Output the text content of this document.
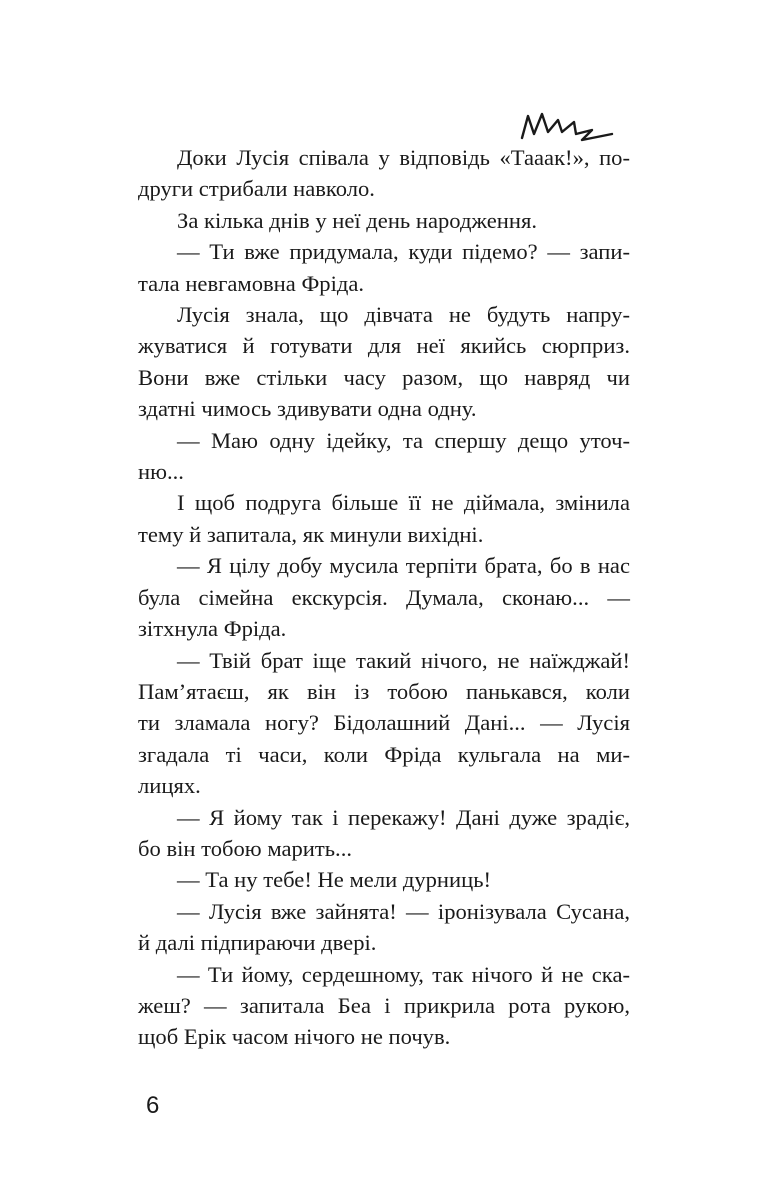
Доки Лусія співала у відповідь «Тааак!», по-
други стрибали навколо.

За кілька днів у неї день народження.

— Ти вже придумала, куди підемо? — запи-
тала невгамовна Фріда.

Лусія знала, що дівчата не будуть напру-
жуватися й готувати для неї якийсь сюрприз.
Вони вже стільки часу разом, що навряд чи
здатні чимось здивувати одна одну.

— Маю одну ідейку, та спершу дещо уточ-
ню...

І щоб подруга більше її не діймала, змінила
тему й запитала, як минули вихідні.

— Я цілу добу мусила терпіти брата, бо в нас
була сімейна екскурсія. Думала, сконаю... —
зітхнула Фріда.

— Твій брат іще такий нічого, не наїжджай!
Пам’ятаєш, як він із тобою панькався, коли
ти зламала ногу? Бідолашний Дані... — Лусія
згадала ті часи, коли Фріда кульгала на ми-
лицях.

— Я йому так і перекажу! Дані дуже зрадіє,
бо він тобою марить...

— Та ну тебе! Не мели дурниць!

— Лусія вже зайнята! — іронізувала Сусана,
й далі підпираючи двері.

— Ти йому, сердешному, так нічого й не ска-
жеш? — запитала Беа і прикрила рота рукою,
щоб Ерік часом нічого не почув.

6
